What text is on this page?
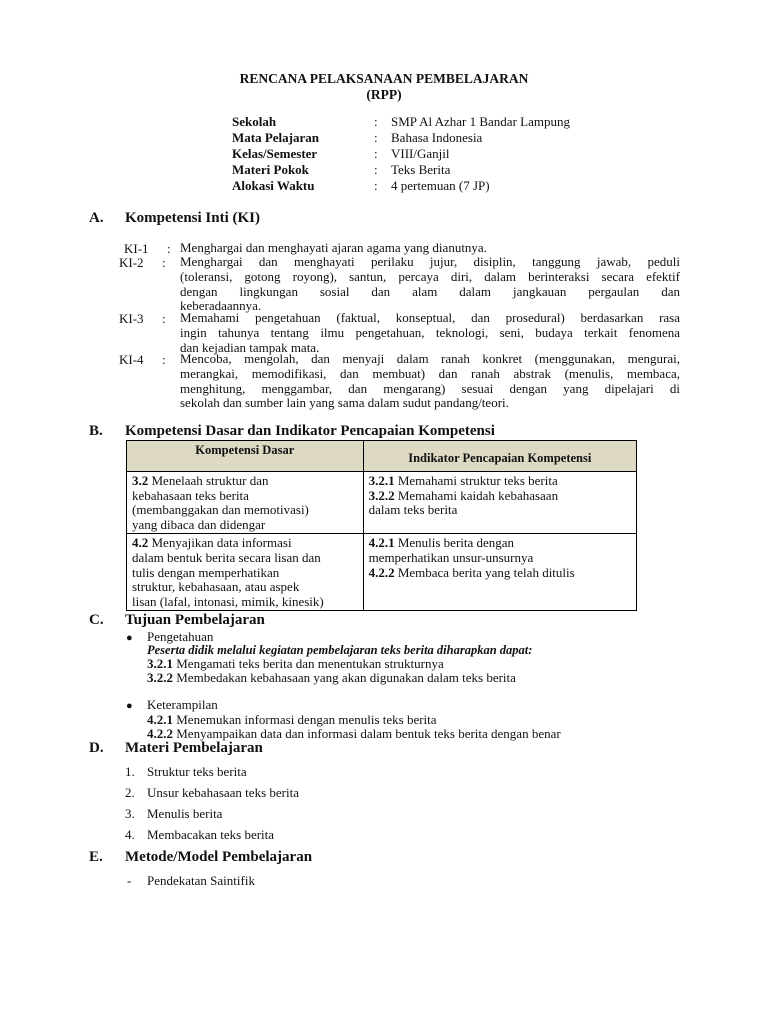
RENCANA PELAKSANAAN PEMBELAJARAN
(RPP)
Sekolah	: SMP Al Azhar 1 Bandar Lampung
Mata Pelajaran	: Bahasa Indonesia
Kelas/Semester	: VIII/Ganjil
Materi Pokok	: Teks Berita
Alokasi Waktu	: 4 pertemuan (7 JP)
A. Kompetensi Inti (KI)
KI-1 : Menghargai dan menghayati ajaran agama yang dianutnya.
KI-2 : Menghargai dan menghayati perilaku jujur, disiplin, tanggung jawab, peduli
(toleransi, gotong royong), santun, percaya diri, dalam berinteraksi secara efektif
dengan lingkungan sosial dan alam dalam jangkauan pergaulan dan
keberadaannya.
KI-3 : Memahami pengetahuan (faktual, konseptual, dan prosedural) berdasarkan rasa
ingin tahunya tentang ilmu pengetahuan, teknologi, seni, budaya terkait fenomena
dan kejadian tampak mata.
KI-4 : Mencoba, mengolah, dan menyaji dalam ranah konkret (menggunakan, mengurai,
merangkai, memodifikasi, dan membuat) dan ranah abstrak (menulis, membaca,
menghitung, menggambar, dan mengarang) sesuai dengan yang dipelajari di
sekolah dan sumber lain yang sama dalam sudut pandang/teori.
B. Kompetensi Dasar dan Indikator Pencapaian Kompetensi
Kompetensi Dasar	Indikator Pencapaian Kompetensi
3.2 Menelaah struktur dan
kebahasaan teks berita
(membanggakan dan memotivasi)
yang dibaca dan didengar	3.2.1 Memahami struktur teks berita
3.2.2 Memahami kaidah kebahasaan
dalam teks berita
4.2 Menyajikan data informasi
dalam bentuk berita secara lisan dan
tulis dengan memperhatikan
struktur, kebahasaan, atau aspek
lisan (lafal, intonasi, mimik, kinesik)	4.2.1 Menulis berita dengan
memperhatikan unsur-unsurnya
4.2.2 Membaca berita yang telah ditulis
C. Tujuan Pembelajaran
● Pengetahuan
Peserta didik melalui kegiatan pembelajaran teks berita diharapkan dapat:
3.2.1 Mengamati teks berita dan menentukan strukturnya
3.2.2 Membedakan kebahasaan yang akan digunakan dalam teks berita
● Keterampilan
4.2.1 Menemukan informasi dengan menulis teks berita
4.2.2 Menyampaikan data dan informasi dalam bentuk teks berita dengan benar
D. Materi Pembelajaran
1. Struktur teks berita
2. Unsur kebahasaan teks berita
3. Menulis berita
4. Membacakan teks berita
E. Metode/Model Pembelajaran
- Pendekatan Saintifik
